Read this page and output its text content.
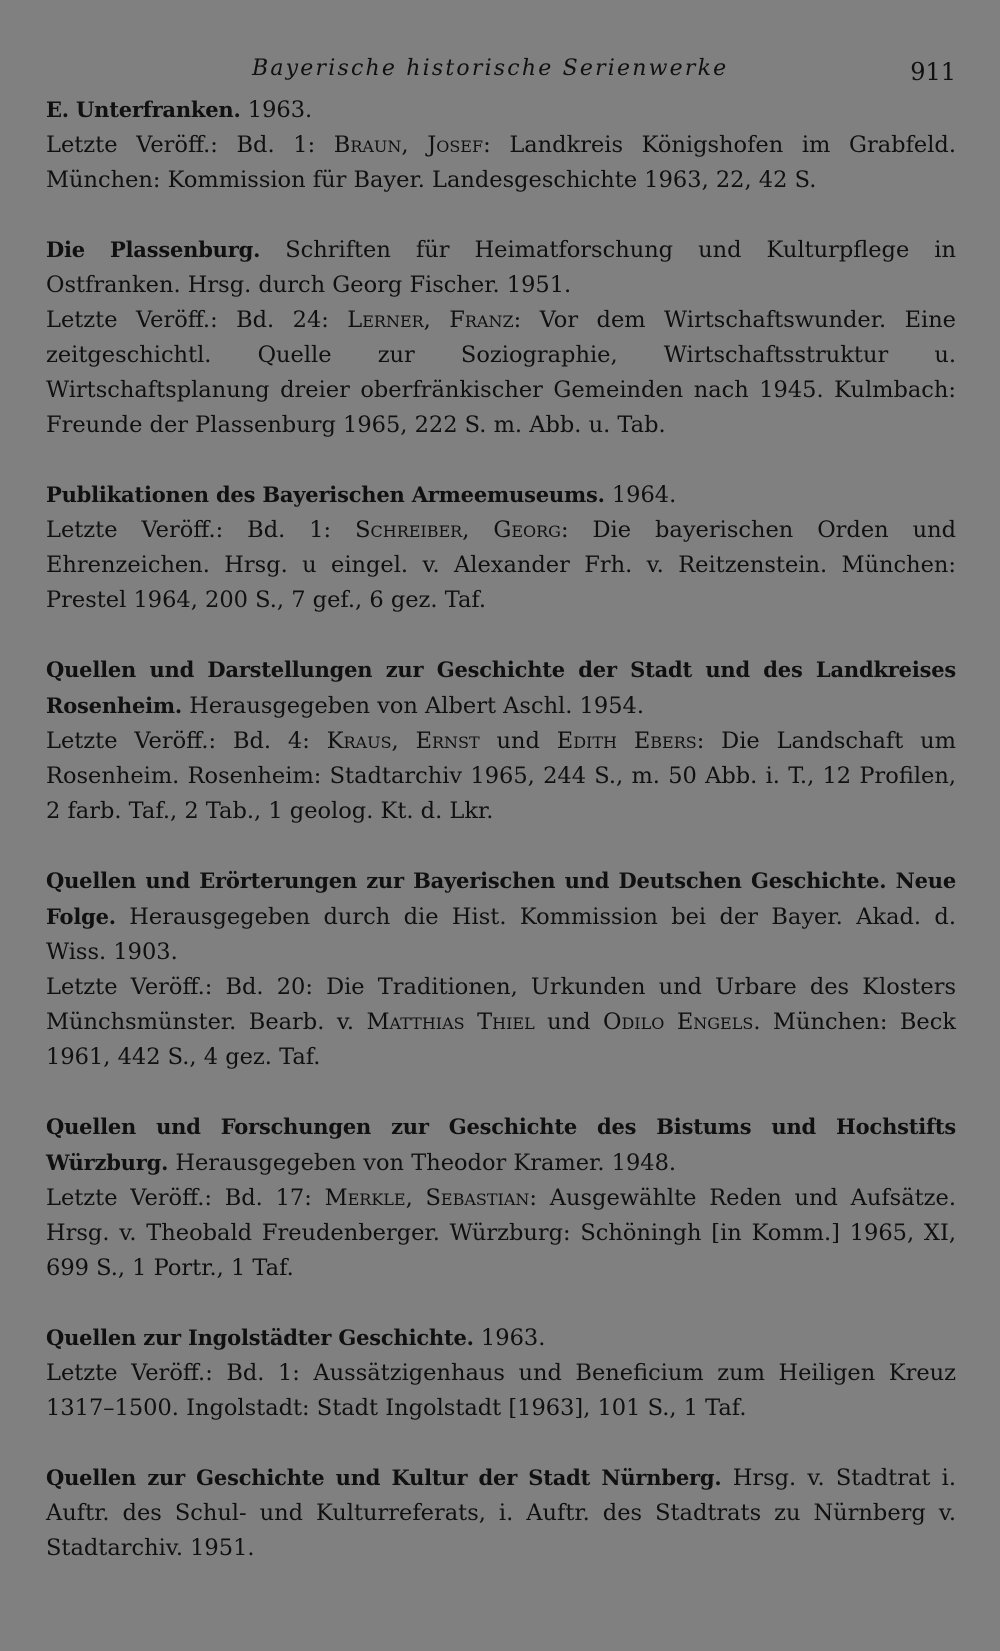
Bayerische historische Serienwerke	911

E. Unterfranken. 1963.

Letzte Veröff.: Bd. 1: Braun, Josef: Landkreis Königshofen im Grabfeld. München: Kommission für Bayer. Landesgeschichte 1963, 22, 42 S.

Die Plassenburg. Schriften für Heimatforschung und Kulturpflege in Ostfranken. Hrsg. durch Georg Fischer. 1951.

Letzte Veröff.: Bd. 24: Lerner, Franz: Vor dem Wirtschaftswunder. Eine zeitgeschichtl. Quelle zur Soziographie, Wirtschaftsstruktur u. Wirtschaftsplanung dreier oberfränkischer Gemeinden nach 1945. Kulmbach: Freunde der Plassenburg 1965, 222 S. m. Abb. u. Tab.

Publikationen des Bayerischen Armeemuseums. 1964.

Letzte Veröff.: Bd. 1: Schreiber, Georg: Die bayerischen Orden und Ehrenzeichen. Hrsg. u eingel. v. Alexander Frh. v. Reitzenstein. München: Prestel 1964, 200 S., 7 gef., 6 gez. Taf.

Quellen und Darstellungen zur Geschichte der Stadt und des Landkreises Rosenheim. Herausgegeben von Albert Aschl. 1954.

Letzte Veröff.: Bd. 4: Kraus, Ernst und Edith Ebers: Die Landschaft um Rosenheim. Rosenheim: Stadtarchiv 1965, 244 S., m. 50 Abb. i. T., 12 Profilen, 2 farb. Taf., 2 Tab., 1 geolog. Kt. d. Lkr.

Quellen und Erörterungen zur Bayerischen und Deutschen Geschichte. Neue Folge. Herausgegeben durch die Hist. Kommission bei der Bayer. Akad. d. Wiss. 1903.

Letzte Veröff.: Bd. 20: Die Traditionen, Urkunden und Urbare des Klosters Münchsmünster. Bearb. v. Matthias Thiel und Odilo Engels. München: Beck 1961, 442 S., 4 gez. Taf.

Quellen und Forschungen zur Geschichte des Bistums und Hochstifts Würzburg. Herausgegeben von Theodor Kramer. 1948.

Letzte Veröff.: Bd. 17: Merkle, Sebastian: Ausgewählte Reden und Aufsätze. Hrsg. v. Theobald Freudenberger. Würzburg: Schöningh [in Komm.] 1965, XI, 699 S., 1 Portr., 1 Taf.

Quellen zur Ingolstädter Geschichte. 1963.

Letzte Veröff.: Bd. 1: Aussätzigenhaus und Beneficium zum Heiligen Kreuz 1317–1500. Ingolstadt: Stadt Ingolstadt [1963], 101 S., 1 Taf.

Quellen zur Geschichte und Kultur der Stadt Nürnberg. Hrsg. v. Stadtrat i. Auftr. des Schul- und Kulturreferats, i. Auftr. des Stadtrats zu Nürnberg v. Stadtarchiv. 1951.
